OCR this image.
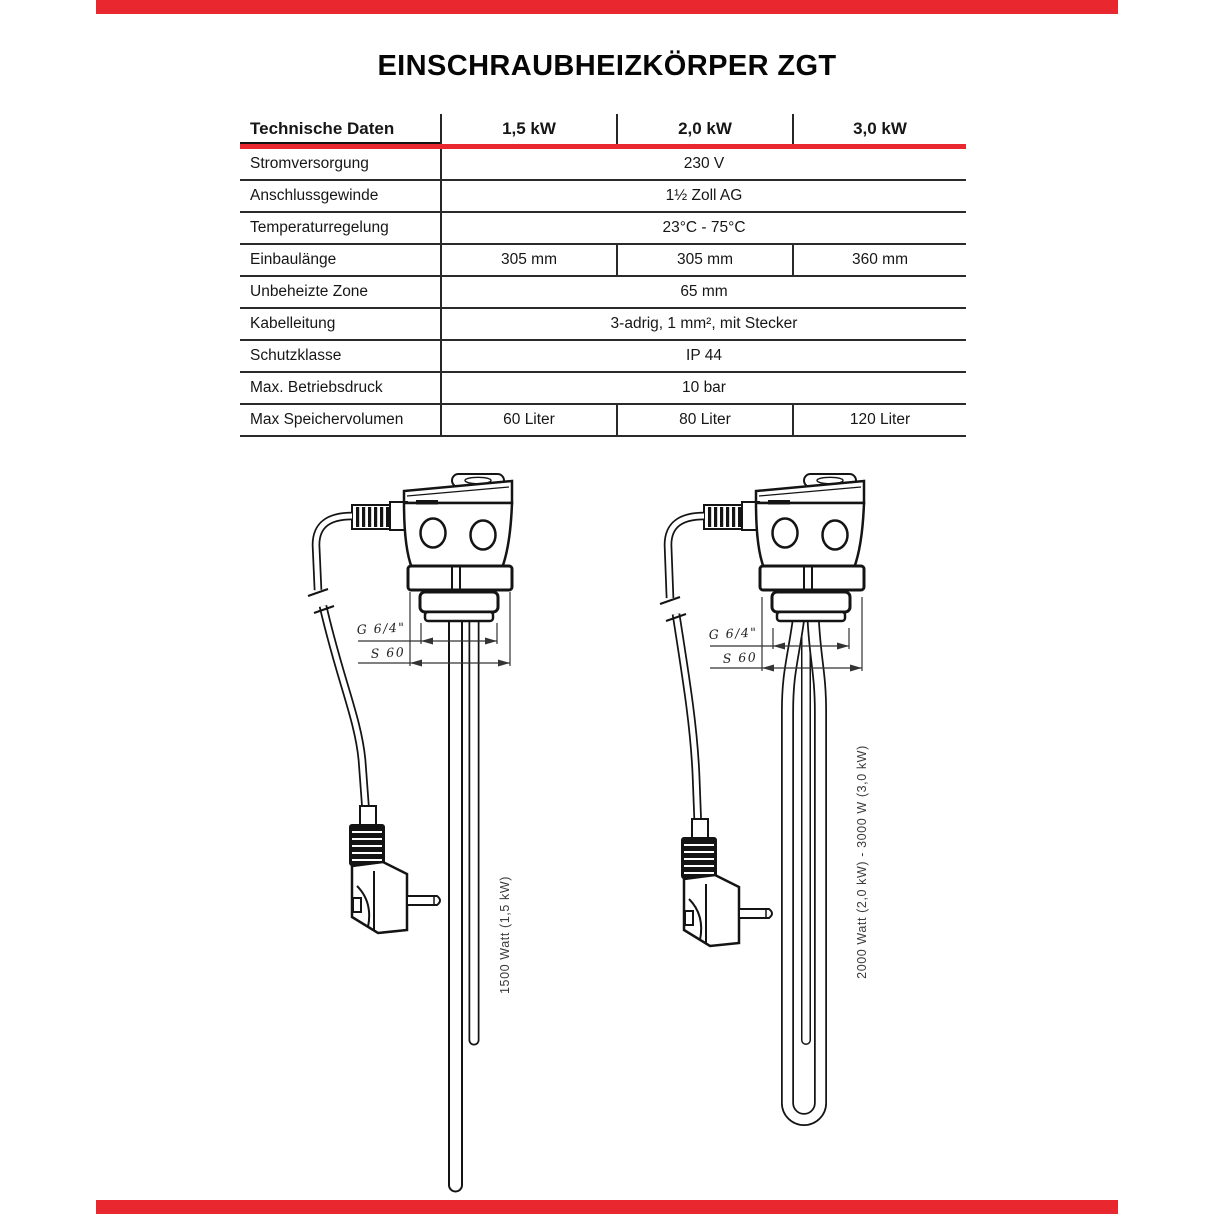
EINSCHRAUBHEIZKÖRPER ZGT
Technische Daten	1,5 kW	2,0 kW	3,0 kW
Stromversorgung	230 V		
Anschlussgewinde	1½ Zoll AG		
Temperaturregelung	23°C - 75°C		
Einbaulänge	305 mm	305 mm	360 mm
Unbeheizte Zone	65 mm		
Kabelleitung	3-adrig, 1 mm², mit Stecker		
Schutzklasse	IP 44		
Max. Betriebsdruck	10 bar		
Max Speichervolumen	60 Liter	80 Liter	120 Liter
G 6/4"
S 60
1500 Watt (1,5 kW)
G 6/4"
S 60
2000 Watt (2,0 kW) - 3000 W (3,0 kW)
